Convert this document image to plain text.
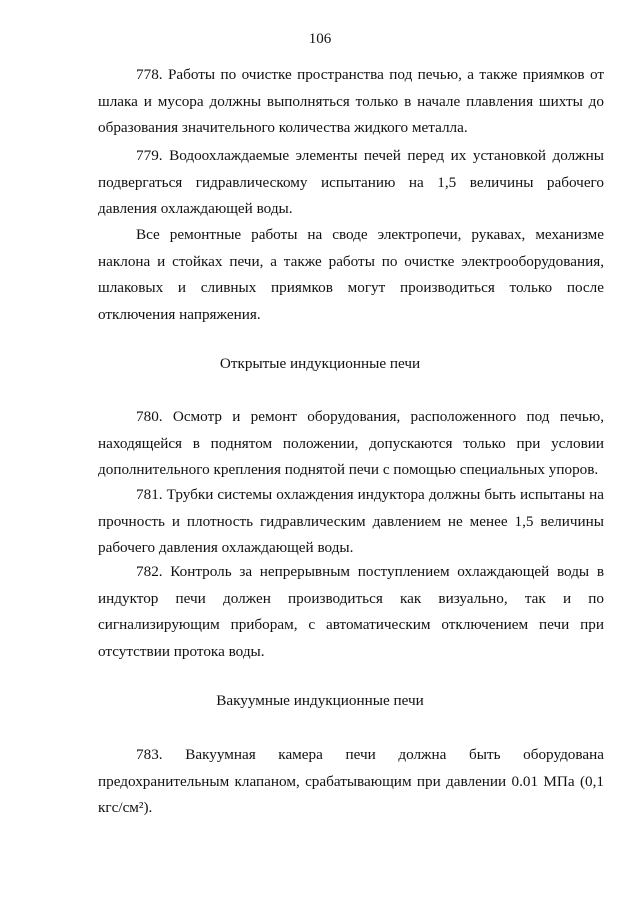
106

778. Работы по очистке пространства под печью, а также приямков от шлака и мусора должны выполняться только в начале плавления шихты до образования значительного количества жидкого металла.

779. Водоохлаждаемые элементы печей перед их установкой должны подвергаться гидравлическому испытанию на 1,5 величины рабочего давления охлаждающей воды.

Все ремонтные работы на своде электропечи, рукавах, механизме наклона и стойках печи, а также работы по очистке электрооборудования, шлаковых и сливных приямков могут производиться только после отключения напряжения.

Открытые индукционные печи

780. Осмотр и ремонт оборудования, расположенного под печью, находящейся в поднятом положении, допускаются только при условии дополнительного крепления поднятой печи с помощью специальных упоров.

781. Трубки системы охлаждения индуктора должны быть испытаны на прочность и плотность гидравлическим давлением не менее 1,5 величины рабочего давления охлаждающей воды.

782. Контроль за непрерывным поступлением охлаждающей воды в индуктор печи должен производиться как визуально, так и по сигнализирующим приборам, с автоматическим отключением печи при отсутствии протока воды.

Вакуумные индукционные печи

783. Вакуумная камера печи должна быть оборудована предохранительным клапаном, срабатывающим при давлении 0.01 МПа (0,1 кгс/см²).
